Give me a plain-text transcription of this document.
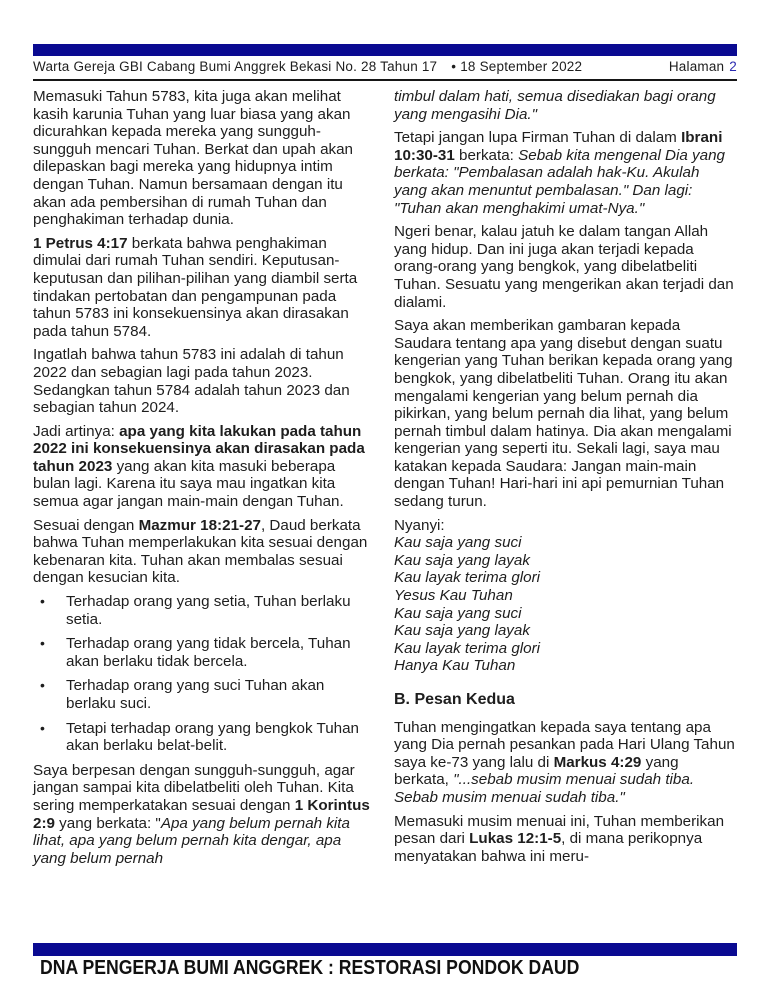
Warta Gereja GBI Cabang Bumi Anggrek Bekasi No. 28 Tahun 17 • 18 September 2022	Halaman 2

Memasuki Tahun 5783, kita juga akan melihat kasih karunia Tuhan yang luar biasa yang akan dicurahkan kepada mereka yang sungguh-sungguh mencari Tuhan. Berkat dan upah akan dilepaskan bagi mereka yang hidupnya intim dengan Tuhan. Namun bersamaan dengan itu akan ada pembersihan di rumah Tuhan dan penghakiman terhadap dunia.

1 Petrus 4:17 berkata bahwa penghakiman dimulai dari rumah Tuhan sendiri. Keputusan-keputusan dan pilihan-pilihan yang diambil serta tindakan pertobatan dan pengampunan pada tahun 5783 ini konsekuensinya akan dirasakan pada tahun 5784.

Ingatlah bahwa tahun 5783 ini adalah di tahun 2022 dan sebagian lagi pada tahun 2023. Sedangkan tahun 5784 adalah tahun 2023 dan sebagian tahun 2024.

Jadi artinya: apa yang kita lakukan pada tahun 2022 ini konsekuensinya akan dirasakan pada tahun 2023 yang akan kita masuki beberapa bulan lagi. Karena itu saya mau ingatkan kita semua agar jangan main-main dengan Tuhan.

Sesuai dengan Mazmur 18:21-27, Daud berkata bahwa Tuhan memperlakukan kita sesuai dengan kebenaran kita. Tuhan akan membalas sesuai dengan kesucian kita.

•	Terhadap orang yang setia, Tuhan berlaku setia.
•	Terhadap orang yang tidak bercela, Tuhan akan berlaku tidak bercela.
•	Terhadap orang yang suci Tuhan akan berlaku suci.
•	Tetapi terhadap orang yang bengkok Tuhan akan berlaku belat-belit.

Saya berpesan dengan sungguh-sungguh, agar jangan sampai kita dibelatbeliti oleh Tuhan. Kita sering memperkatakan sesuai dengan 1 Korintus 2:9 yang berkata: "Apa yang belum pernah kita lihat, apa yang belum pernah kita dengar, apa yang belum pernah

timbul dalam hati, semua disediakan bagi orang yang mengasihi Dia."

Tetapi jangan lupa Firman Tuhan di dalam Ibrani 10:30-31 berkata: Sebab kita mengenal Dia yang berkata: "Pembalasan adalah hak-Ku. Akulah yang akan menuntut pembalasan." Dan lagi: "Tuhan akan menghakimi umat-Nya."

Ngeri benar, kalau jatuh ke dalam tangan Allah yang hidup. Dan ini juga akan terjadi kepada orang-orang yang bengkok, yang dibelatbeliti Tuhan. Sesuatu yang mengerikan akan terjadi dan dialami.

Saya akan memberikan gambaran kepada Saudara tentang apa yang disebut dengan suatu kengerian yang Tuhan berikan kepada orang yang bengkok, yang dibelatbeliti Tuhan. Orang itu akan mengalami kengerian yang belum pernah dia pikirkan, yang belum pernah dia lihat, yang belum pernah timbul dalam hatinya. Dia akan mengalami kengerian yang seperti itu. Sekali lagi, saya mau katakan kepada Saudara: Jangan main-main dengan Tuhan! Hari-hari ini api pemurnian Tuhan sedang turun.

Nyanyi:

Kau saja yang suci
Kau saja yang layak
Kau layak terima glori
Yesus Kau Tuhan
Kau saja yang suci
Kau saja yang layak
Kau layak terima glori
Hanya Kau Tuhan
B. Pesan Kedua

Tuhan mengingatkan kepada saya tentang apa yang Dia pernah pesankan pada Hari Ulang Tahun saya ke-73 yang lalu di Markus 4:29 yang berkata, "...sebab musim menuai sudah tiba. Sebab musim menuai sudah tiba."

Memasuki musim menuai ini, Tuhan memberikan pesan dari Lukas 12:1-5, di mana perikopnya menyatakan bahwa ini meru-

DNA PENGERJA BUMI ANGGREK : RESTORASI PONDOK DAUD
